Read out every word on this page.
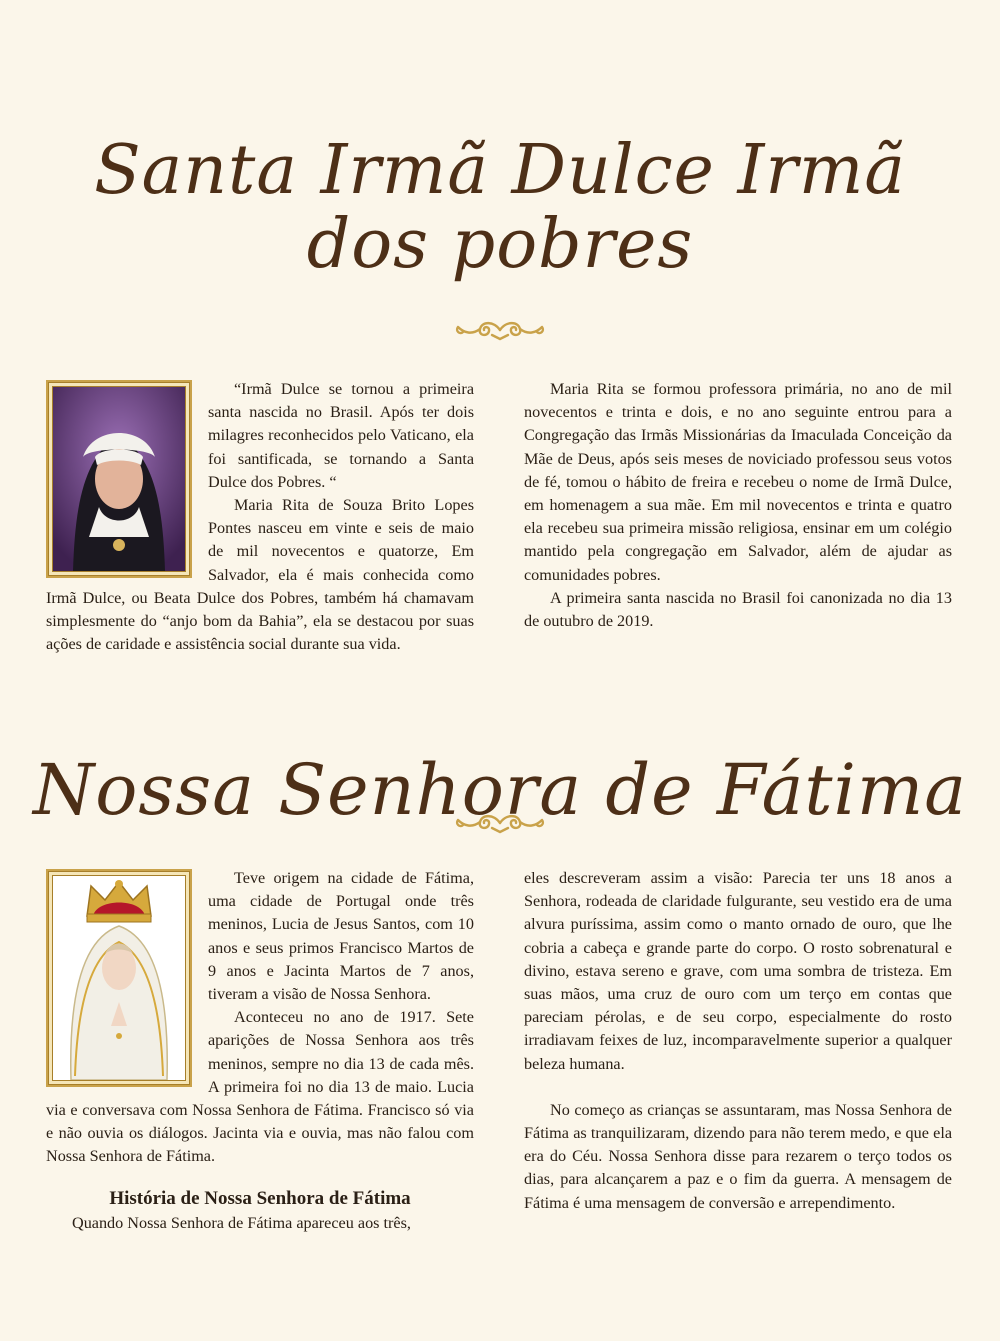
Santa Irmã Dulce Irmã
dos pobres

“Irmã Dulce se tornou a primeira santa nascida no Brasil. Após ter dois milagres reconhecidos pelo Vaticano, ela foi santificada, se tornando a Santa Dulce dos Pobres. “

Maria Rita de Souza Brito Lopes Pontes nasceu em vinte e seis de maio de mil novecentos e quatorze, Em Salvador, ela é mais conhecida como Irmã Dulce, ou Beata Dulce dos Pobres, também há chamavam simplesmente do “anjo bom da Bahia”, ela se destacou por suas ações de caridade e assistência social durante sua vida.

Maria Rita se formou professora primária, no ano de mil novecentos e trinta e dois, e no ano seguinte entrou para a Congregação das Irmãs Missionárias da Imaculada Conceição da Mãe de Deus, após seis meses de noviciado professou seus votos de fé, tomou o hábito de freira e recebeu o nome de Irmã Dulce, em homenagem a sua mãe. Em mil novecentos e trinta e quatro ela recebeu sua primeira missão religiosa, ensinar em um colégio mantido pela congregação em Salvador, além de ajudar as comunidades pobres.

A primeira santa nascida no Brasil foi canonizada no dia 13 de outubro de 2019.

Nossa Senhora de Fátima

Teve origem na cidade de Fátima, uma cidade de Portugal onde três meninos, Lucia de Jesus Santos, com 10 anos e seus primos Francisco Martos de 9 anos e Jacinta Martos de 7 anos, tiveram a visão de Nossa Senhora.

Aconteceu no ano de 1917. Sete aparições de Nossa Senhora aos três meninos, sempre no dia 13 de cada mês. A primeira foi no dia 13 de maio. Lucia via e conversava com Nossa Senhora de Fátima. Francisco só via e não ouvia os diálogos. Jacinta via e ouvia, mas não falou com Nossa Senhora de Fátima.

História de Nossa Senhora de Fátima

Quando Nossa Senhora de Fátima apareceu aos três,

eles descreveram assim a visão: Parecia ter uns 18 anos a Senhora, rodeada de claridade fulgurante, seu vestido era de uma alvura puríssima, assim como o manto ornado de ouro, que lhe cobria a cabeça e grande parte do corpo. O rosto sobrenatural e divino, estava sereno e grave, com uma sombra de tristeza. Em suas mãos, uma cruz de ouro com um terço em contas que pareciam pérolas, e de seu corpo, especialmente do rosto irradiavam feixes de luz, incomparavelmente superior a qualquer beleza humana.

No começo as crianças se assuntaram, mas Nossa Senhora de Fátima as tranquilizaram, dizendo para não terem medo, e que ela era do Céu. Nossa Senhora disse para rezarem o terço todos os dias, para alcançarem a paz e o fim da guerra. A mensagem de Fátima é uma mensagem de conversão e arrependimento.
